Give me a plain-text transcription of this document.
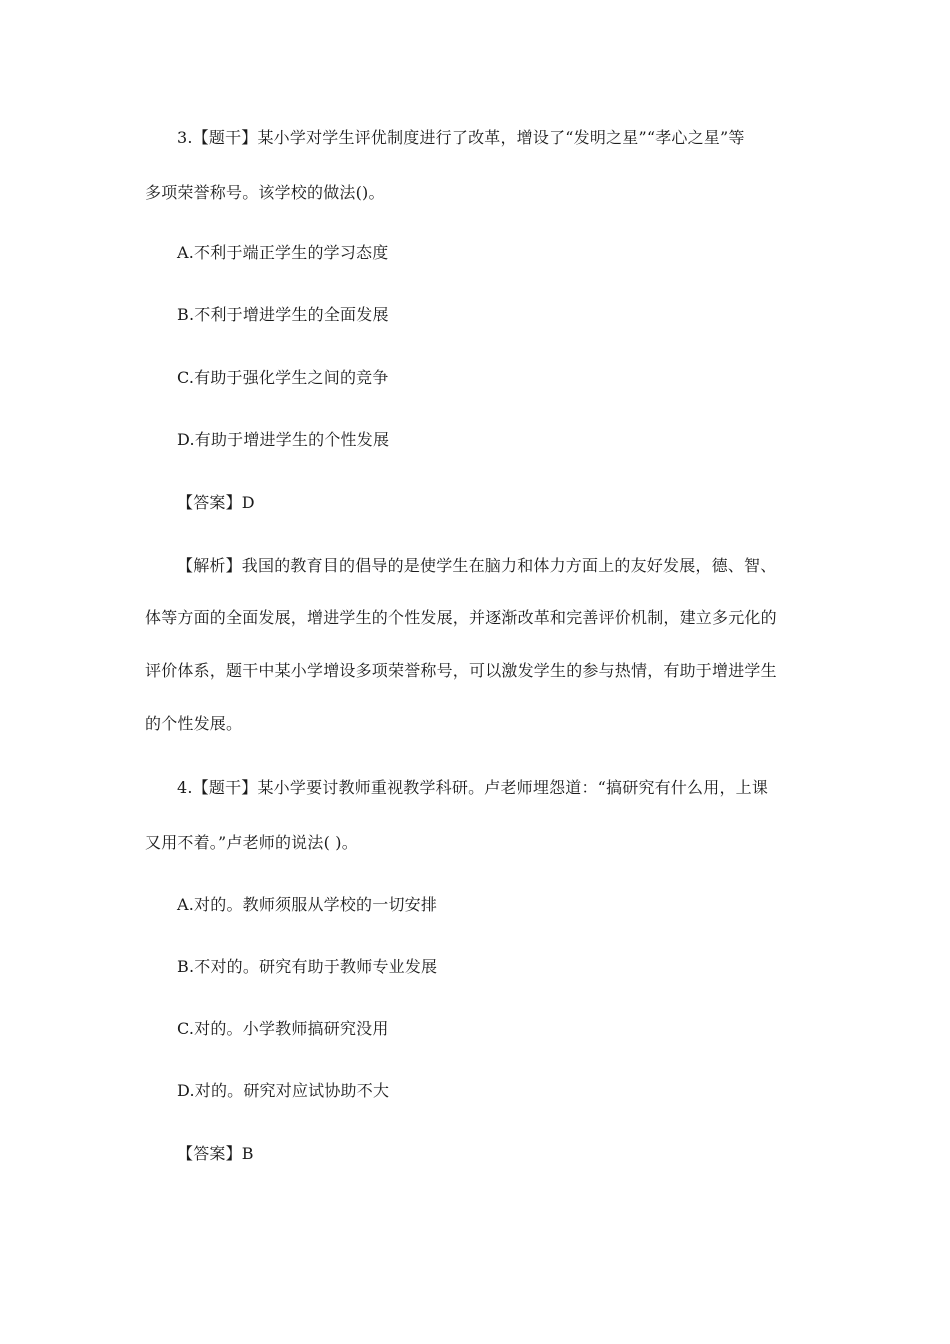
3.【题干】某小学对学生评优制度进行了改革，增设了“发明之星”“孝心之星”等
多项荣誉称号。该学校的做法()。
A.不利于端正学生的学习态度
B.不利于增进学生的全面发展
C.有助于强化学生之间的竞争
D.有助于增进学生的个性发展
【答案】D
【解析】我国的教育目的倡导的是使学生在脑力和体力方面上的友好发展，德、智、
体等方面的全面发展，增进学生的个性发展，并逐渐改革和完善评价机制，建立多元化的
评价体系，题干中某小学增设多项荣誉称号，可以激发学生的参与热情，有助于增进学生
的个性发展。
4.【题干】某小学要讨教师重视教学科研。卢老师埋怨道：“搞研究有什么用，上课
又用不着。”卢老师的说法( )。
A.对的。教师须服从学校的一切安排
B.不对的。研究有助于教师专业发展
C.对的。小学教师搞研究没用
D.对的。研究对应试协助不大
【答案】B
